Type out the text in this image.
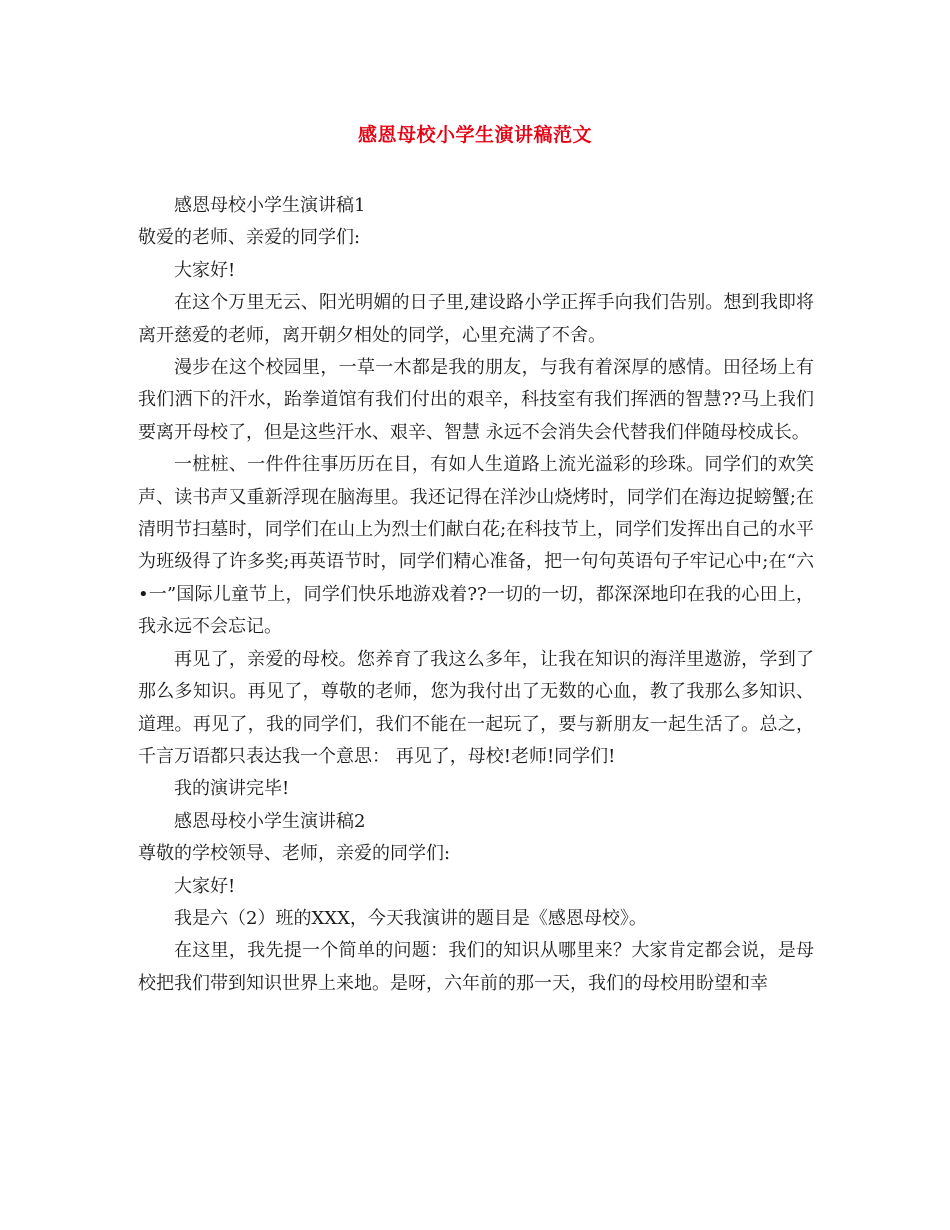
感恩母校小学生演讲稿范文

感恩母校小学生演讲稿1

敬爱的老师、亲爱的同学们:

大家好!

在这个万里无云、阳光明媚的日子里,建设路小学正挥手向我们告别。想到我即将离开慈爱的老师，离开朝夕相处的同学，心里充满了不舍。

漫步在这个校园里，一草一木都是我的朋友，与我有着深厚的感情。田径场上有我们洒下的汗水，跆拳道馆有我们付出的艰辛，科技室有我们挥洒的智慧??马上我们要离开母校了，但是这些汗水、艰辛、智慧 永远不会消失会代替我们伴随母校成长。

一桩桩、一件件往事历历在目，有如人生道路上流光溢彩的珍珠。同学们的欢笑声、读书声又重新浮现在脑海里。我还记得在洋沙山烧烤时，同学们在海边捉螃蟹;在清明节扫墓时，同学们在山上为烈士们献白花;在科技节上，同学们发挥出自己的水平为班级得了许多奖;再英语节时，同学们精心准备，把一句句英语句子牢记心中;在“六•一”国际儿童节上，同学们快乐地游戏着??一切的一切，都深深地印在我的心田上，我永远不会忘记。

再见了，亲爱的母校。您养育了我这么多年，让我在知识的海洋里遨游，学到了那么多知识。再见了，尊敬的老师，您为我付出了无数的心血，教了我那么多知识、道理。再见了，我的同学们，我们不能在一起玩了，要与新朋友一起生活了。总之，千言万语都只表达我一个意思： 再见了，母校!老师!同学们!

我的演讲完毕!

感恩母校小学生演讲稿2

尊敬的学校领导、老师，亲爱的同学们:

大家好!

我是六（2）班的XXX，今天我演讲的题目是《感恩母校》。

在这里，我先提一个简单的问题：我们的知识从哪里来？大家肯定都会说，是母校把我们带到知识世界上来地。是呀，六年前的那一天，我们的母校用盼望和幸
